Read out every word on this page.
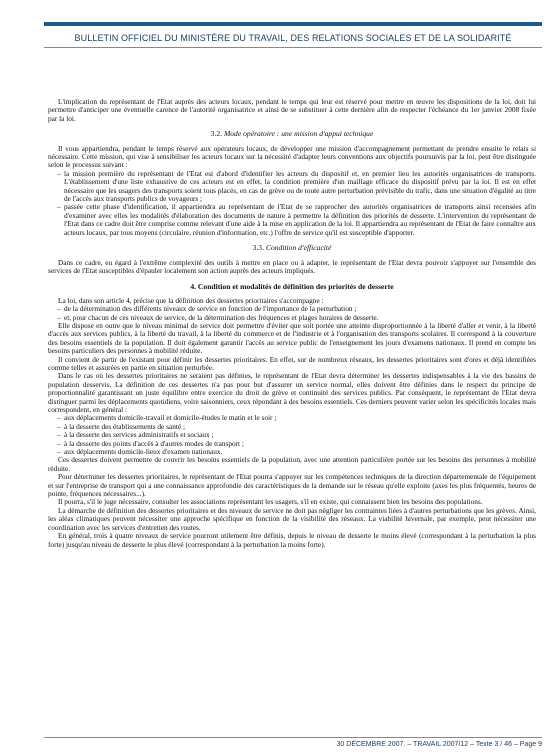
BULLETIN OFFICIEL DU MINISTÈRE DU TRAVAIL, DES RELATIONS SOCIALES ET DE LA SOLIDARITÉ

L'implication du représentant de l'Etat auprès des acteurs locaux, pendant le temps qui leur est réservé pour mettre en œuvre les dispositions de la loi, doit lui permettre d'anticiper une éventuelle carence de l'autorité organisatrice et ainsi de se substituer à cette dernière afin de respecter l'échéance du 1er janvier 2008 fixée par la loi.

3.2. Mode opératoire : une mission d'appui technique

Il vous appartiendra, pendant le temps réservé aux opérateurs locaux, de développer une mission d'accompagnement permettant de prendre ensuite le relais si nécessaire. Cette mission, qui vise à sensibiliser les acteurs locaux sur la nécessité d'adapter leurs conventions aux objectifs poursuivis par la loi, peut être distinguée selon le processus suivant :

– la mission première du représentant de l'Etat est d'abord d'identifier les acteurs du dispositif et, en premier lieu les autorités organisatrices de transports. L'établissement d'une liste exhaustive de ces acteurs est en effet, la condition première d'un maillage efficace du dispositif prévu par la loi. Il est en effet nécessaire que les usagers des transports soient tous placés, en cas de grève ou de toute autre perturbation prévisible du trafic, dans une situation d'égalité au titre de l'accès aux transports publics de voyageurs ;
– passée cette phase d'identification, il appartiendra au représentant de l'Etat de se rapprocher des autorités organisatrices de transports ainsi recensées afin d'examiner avec elles les modalités d'élaboration des documents de nature à permettre la définition des priorités de desserte. L'intervention du représentant de l'Etat dans ce cadre doit être comprise comme relevant d'une aide à la mise en application de la loi. Il appartiendra au représentant de l'Etat de faire connaître aux acteurs locaux, par tous moyens (circulaire, réunion d'information, etc.) l'offre de service qu'il est susceptible d'apporter.
3.3. Condition d'efficacité

Dans ce cadre, eu égard à l'extrême complexité des outils à mettre en place ou à adapter, le représentant de l'Etat devra pouvoir s'appuyer sur l'ensemble des services de l'Etat susceptibles d'épauler localement son action auprès des acteurs impliqués.

4. Condition et modalités de définition des priorités de desserte

La loi, dans son article 4, précise que la définition des dessertes prioritaires s'accompagne :

– de la détermination des différents niveaux de service en fonction de l'importance de la perturbation ;
– et, pour chacun de ces niveaux de service, de la détermination des fréquences et plages horaires de desserte.

Elle dispose en outre que le niveau minimal de service doit permettre d'éviter que soit portée une atteinte disproportionnée à la liberté d'aller et venir, à la liberté d'accès aux services publics, à la liberté du travail, à la liberté du commerce et de l'industrie et à l'organisation des transports scolaires. Il correspond à la couverture des besoins essentiels de la population. Il doit également garantir l'accès au service public de l'enseignement les jours d'examens nationaux. Il prend en compte les besoins particuliers des personnes à mobilité réduite.

Il convient de partir de l'existant pour définir les dessertes prioritaires. En effet, sur de nombreux réseaux, les dessertes prioritaires sont d'ores et déjà identifiées comme telles et assurées en partie en situation perturbée.

Dans le cas où les dessertes prioritaires ne seraient pas définies, le représentant de l'Etat devra déterminer les dessertes indispensables à la vie des bassins de population desservis. La définition de ces dessertes n'a pas pour but d'assurer un service normal, elles doivent être définies dans le respect du principe de proportionnalité garantissant un juste équilibre entre exercice du droit de grève et continuité des services publics. Par conséquent, le représentant de l'Etat devra distinguer parmi les déplacements quotidiens, voire saisonniers, ceux répondant à des besoins essentiels. Ces derniers peuvent varier selon les spécificités locales mais correspondent, en général :

– aux déplacements domicile-travail et domicile-études le matin et le soir ;
– à la desserte des établissements de santé ;
– à la desserte des services administratifs et sociaux ;
– à la desserte des points d'accès à d'autres modes de transport ;
– aux déplacements domicile-lieux d'examen nationaux.

Ces dessertes doivent permettre de couvrir les besoins essentiels de la population, avec une attention particulière portée sur les besoins des personnes à mobilité réduite.

Pour déterminer les dessertes prioritaires, le représentant de l'Etat pourra s'appuyer sur les compétences techniques de la direction départementale de l'équipement et sur l'entreprise de transport qui a une connaissance approfondie des caractéristiques de la demande sur le réseau qu'elle exploite (axes les plus fréquentés, heures de pointe, fréquences nécessaires...).

Il pourra, s'il le juge nécessaire, consulter les associations représentant les usagers, s'il en existe, qui connaissent bien les besoins des populations.

La démarche de définition des dessertes prioritaires et des niveaux de service ne doit pas négliger les contraintes liées à d'autres perturbations que les grèves. Ainsi, les aléas climatiques peuvent nécessiter une approche spécifique en fonction de la visibilité des réseaux. La viabilité hivernale, par exemple, peut nécessiter une coordination avec les services d'entretien des routes.

En général, trois à quatre niveaux de service pourront utilement être définis, depuis le niveau de desserte le moins élevé (correspondant à la perturbation la plus forte) jusqu'au niveau de desserte le plus élevé (correspondant à la perturbation la moins forte).

30 DÉCEMBRE 2007. – TRAVAIL 2007/12 – Texte 3 / 46 – Page 9
